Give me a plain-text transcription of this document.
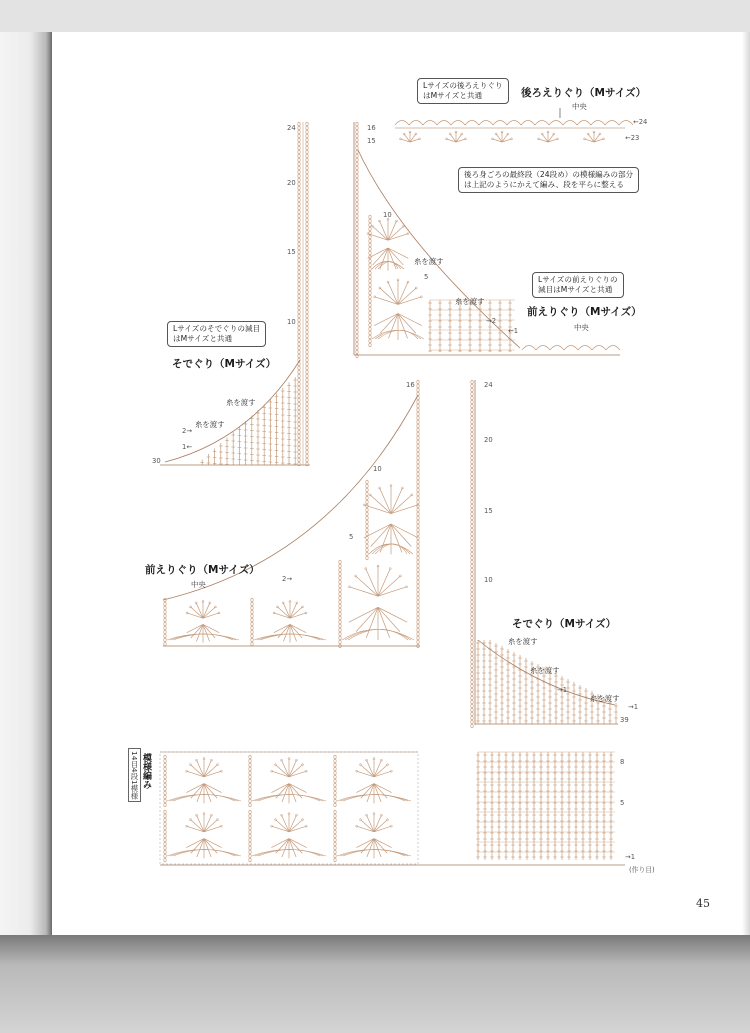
Lサイズの後ろえりぐり
はMサイズと共通	後ろえりぐり（Mサイズ）
中央
←24
←23
後ろ身ごろの最終段（24段め）の模様編みの部分
は上記のようにかえて編み、段を平らに整える
Lサイズの前えりぐりの
減目はMサイズと共通
前えりぐり（Mサイズ）
中央
糸を渡す
糸を渡す
Lサイズのそでぐりの減目
はMサイズと共通
そでぐり（Mサイズ）
糸を渡す
糸を渡す
30
前えりぐり（Mサイズ）
中央
そでぐり（Mサイズ）
糸を渡す
糸を渡す
糸を渡す
39
模様編み
14目4段1模様
(作り目)
24
20
15
10
16
15
10
5
16
10
5
24
20
15
10
←1
→2
2→
1←
2→
→1
→1
8
5
→1
45
